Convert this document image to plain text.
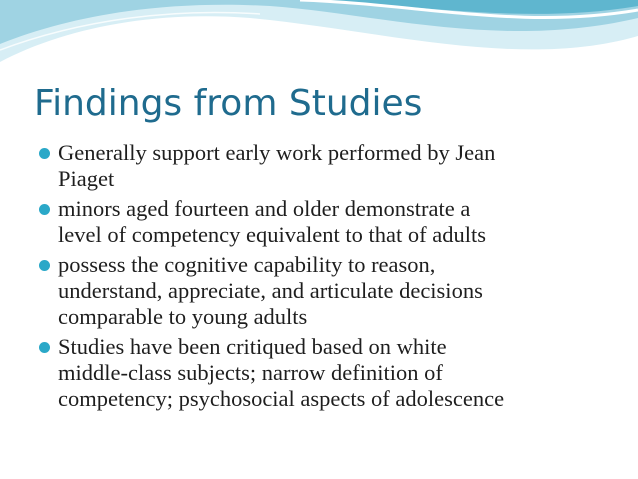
Findings from Studies
Generally support early work performed by Jean
Piaget
minors aged fourteen and older demonstrate a
level of competency equivalent to that of adults
possess the cognitive capability to reason,
understand, appreciate, and articulate decisions
comparable to young adults
Studies have been critiqued based on white
middle-class subjects; narrow definition of
competency; psychosocial aspects of adolescence
